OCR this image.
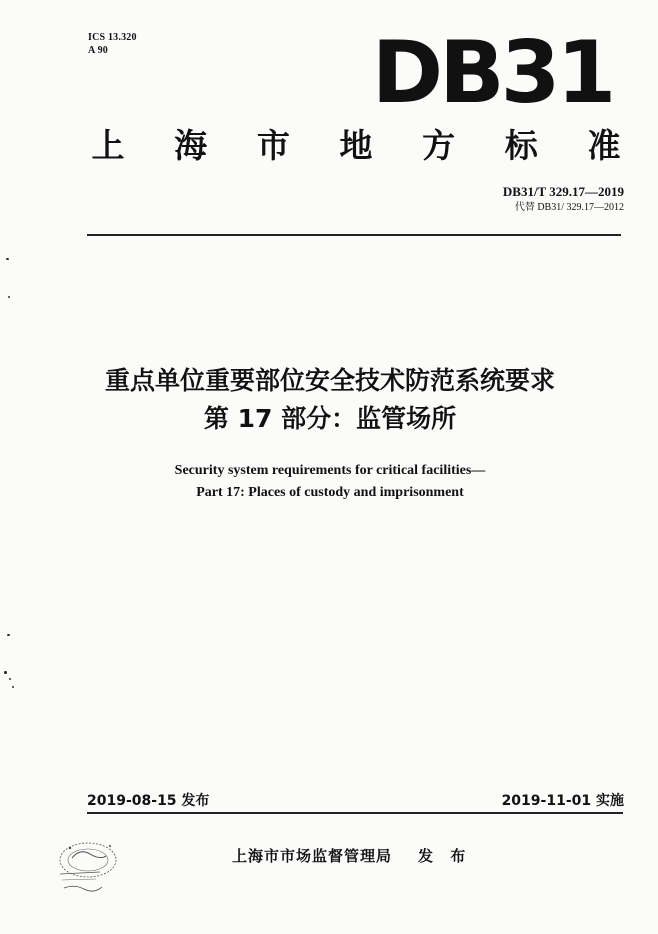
ICS 13.320
A 90	DB31
上 海 市 地 方 标 准
DB31/T 329.17—2019
代替 DB31/ 329.17—2012
重点单位重要部位安全技术防范系统要求
第 17 部分：监管场所
Security system requirements for critical facilities—
Part 17: Places of custody and imprisonment
2019-08-15 发布	2019-11-01 实施
上海市市场监督管理局 发 布
